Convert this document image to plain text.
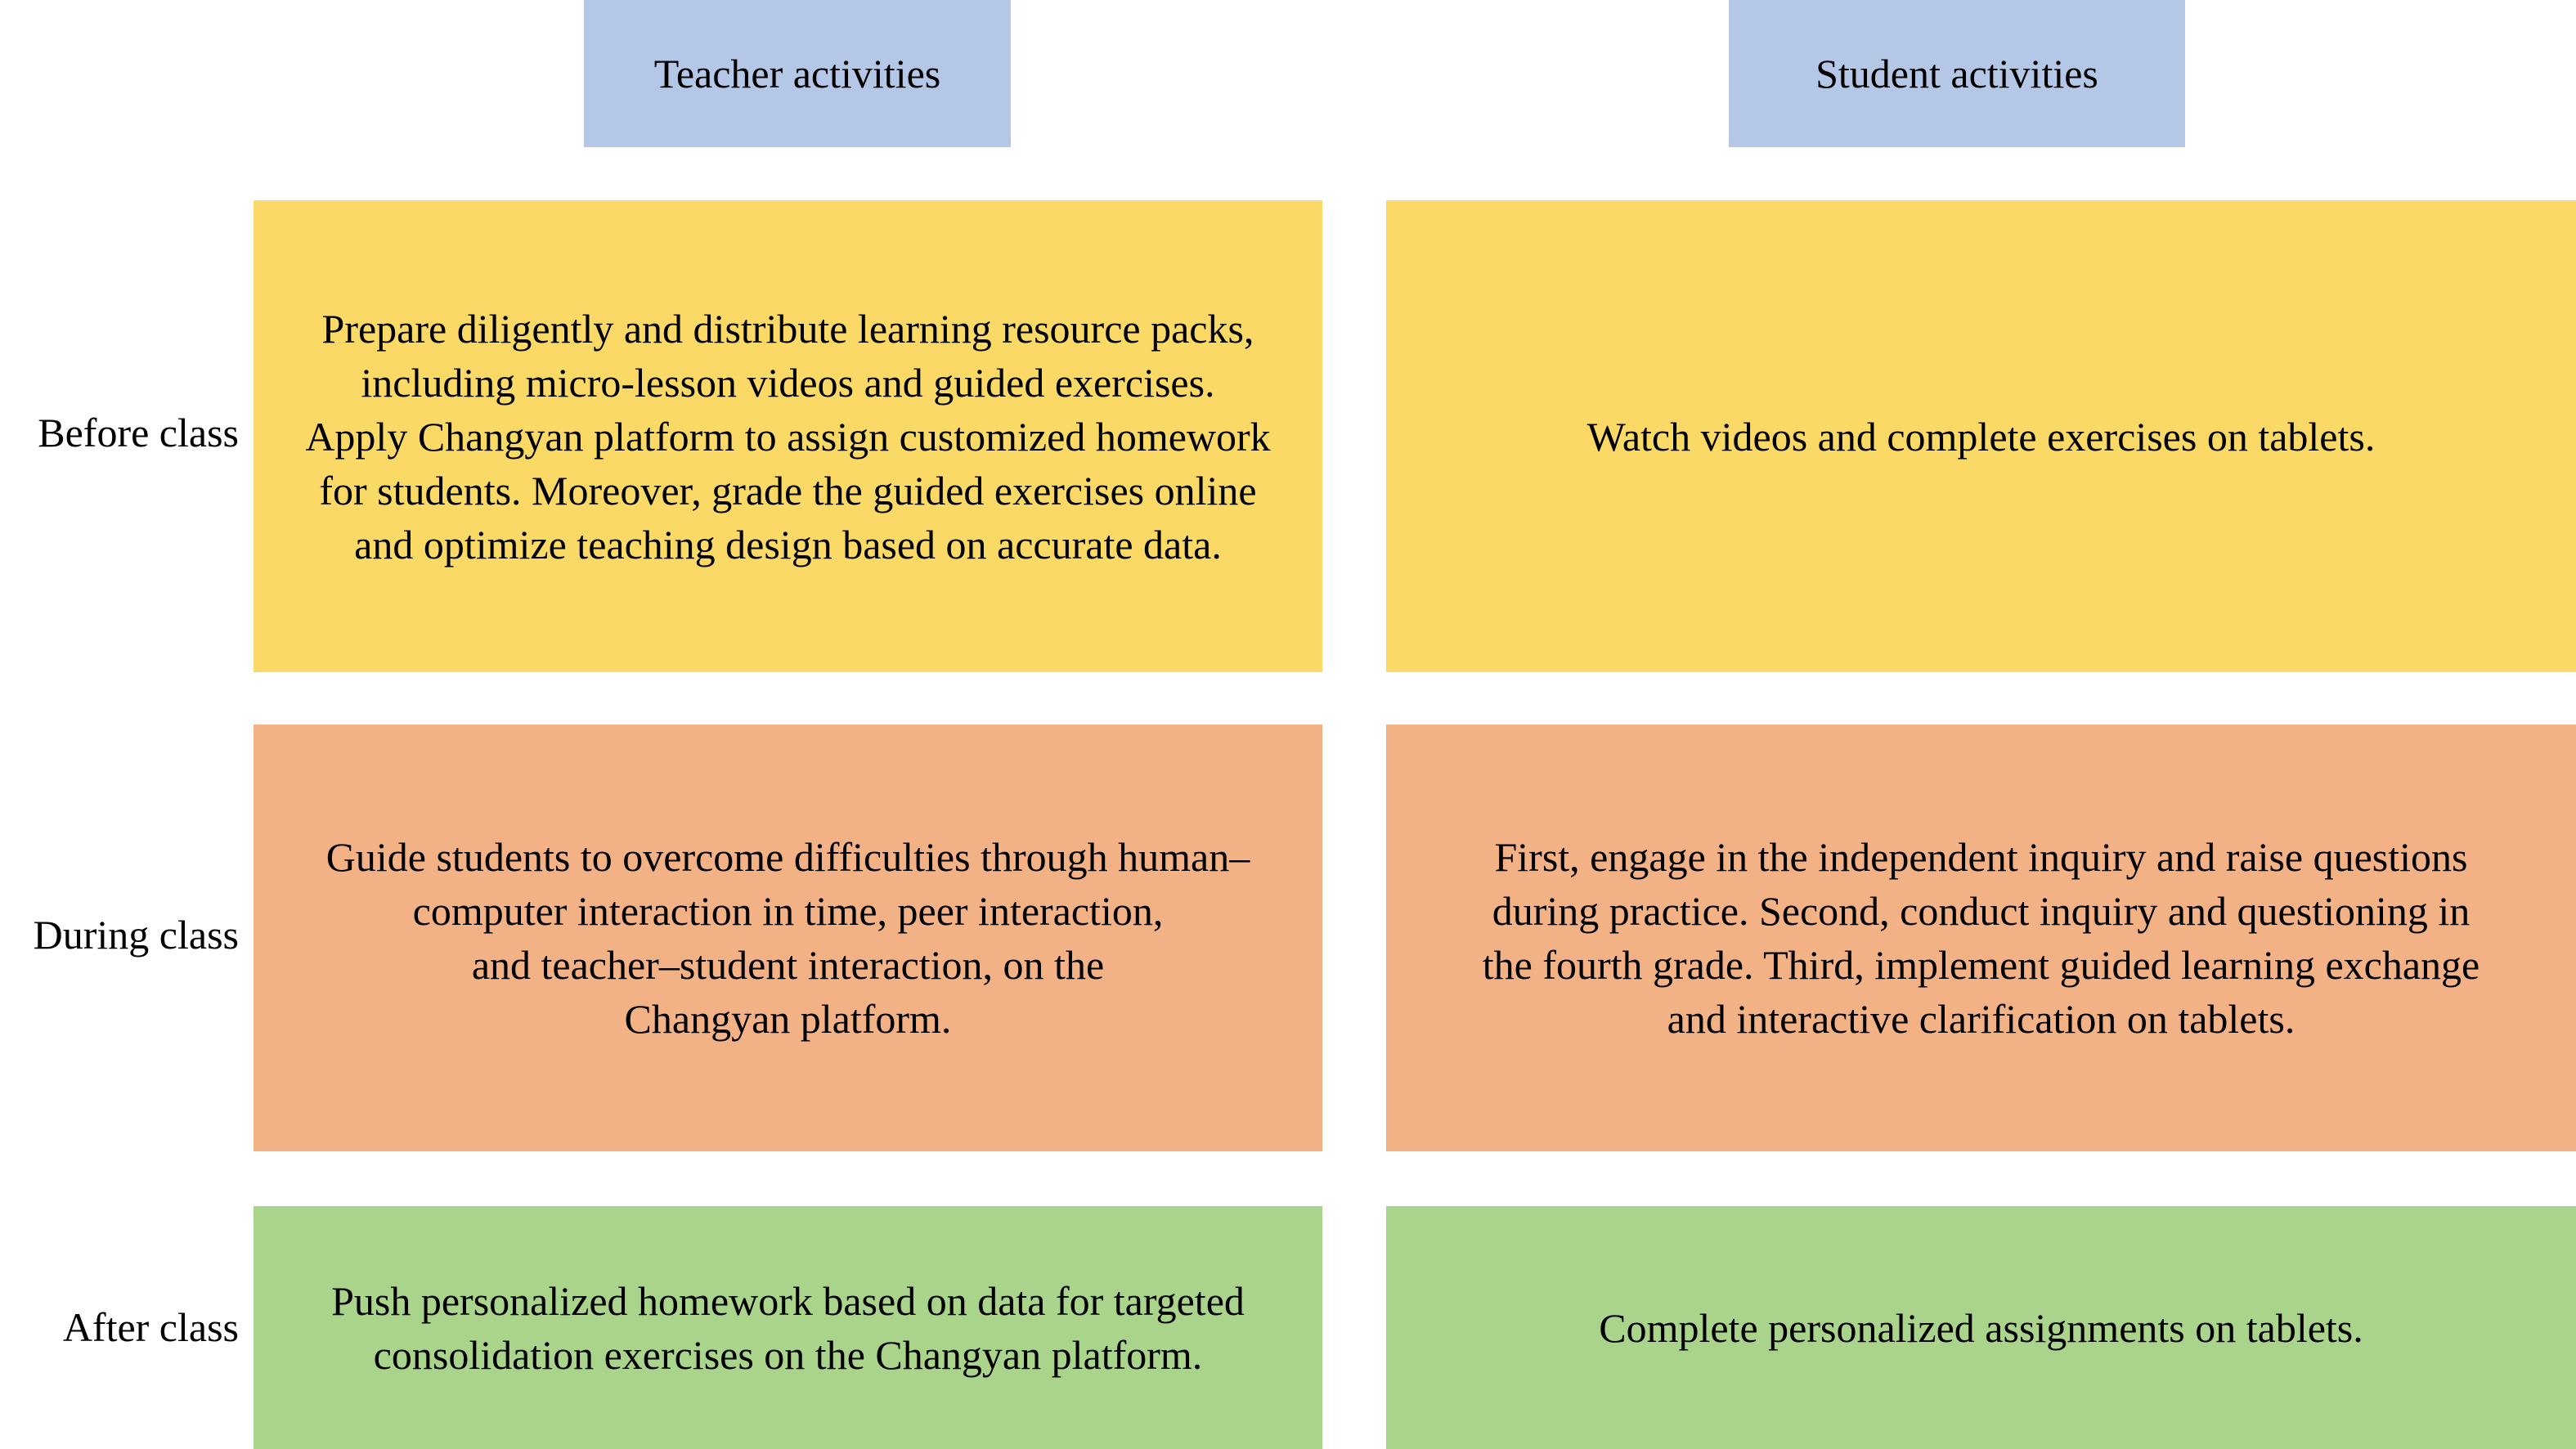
Teacher activities	Student activities
Before class
During class
After class
Prepare diligently and distribute learning resource packs,
including micro-lesson videos and guided exercises.
Apply Changyan platform to assign customized homework
for students. Moreover, grade the guided exercises online
and optimize teaching design based on accurate data.
Watch videos and complete exercises on tablets.
Guide students to overcome difficulties through human–
computer interaction in time, peer interaction,
and teacher–student interaction, on the
Changyan platform.
First, engage in the independent inquiry and raise questions
during practice. Second, conduct inquiry and questioning in
the fourth grade. Third, implement guided learning exchange
and interactive clarification on tablets.
Push personalized homework based on data for targeted
consolidation exercises on the Changyan platform.
Complete personalized assignments on tablets.
